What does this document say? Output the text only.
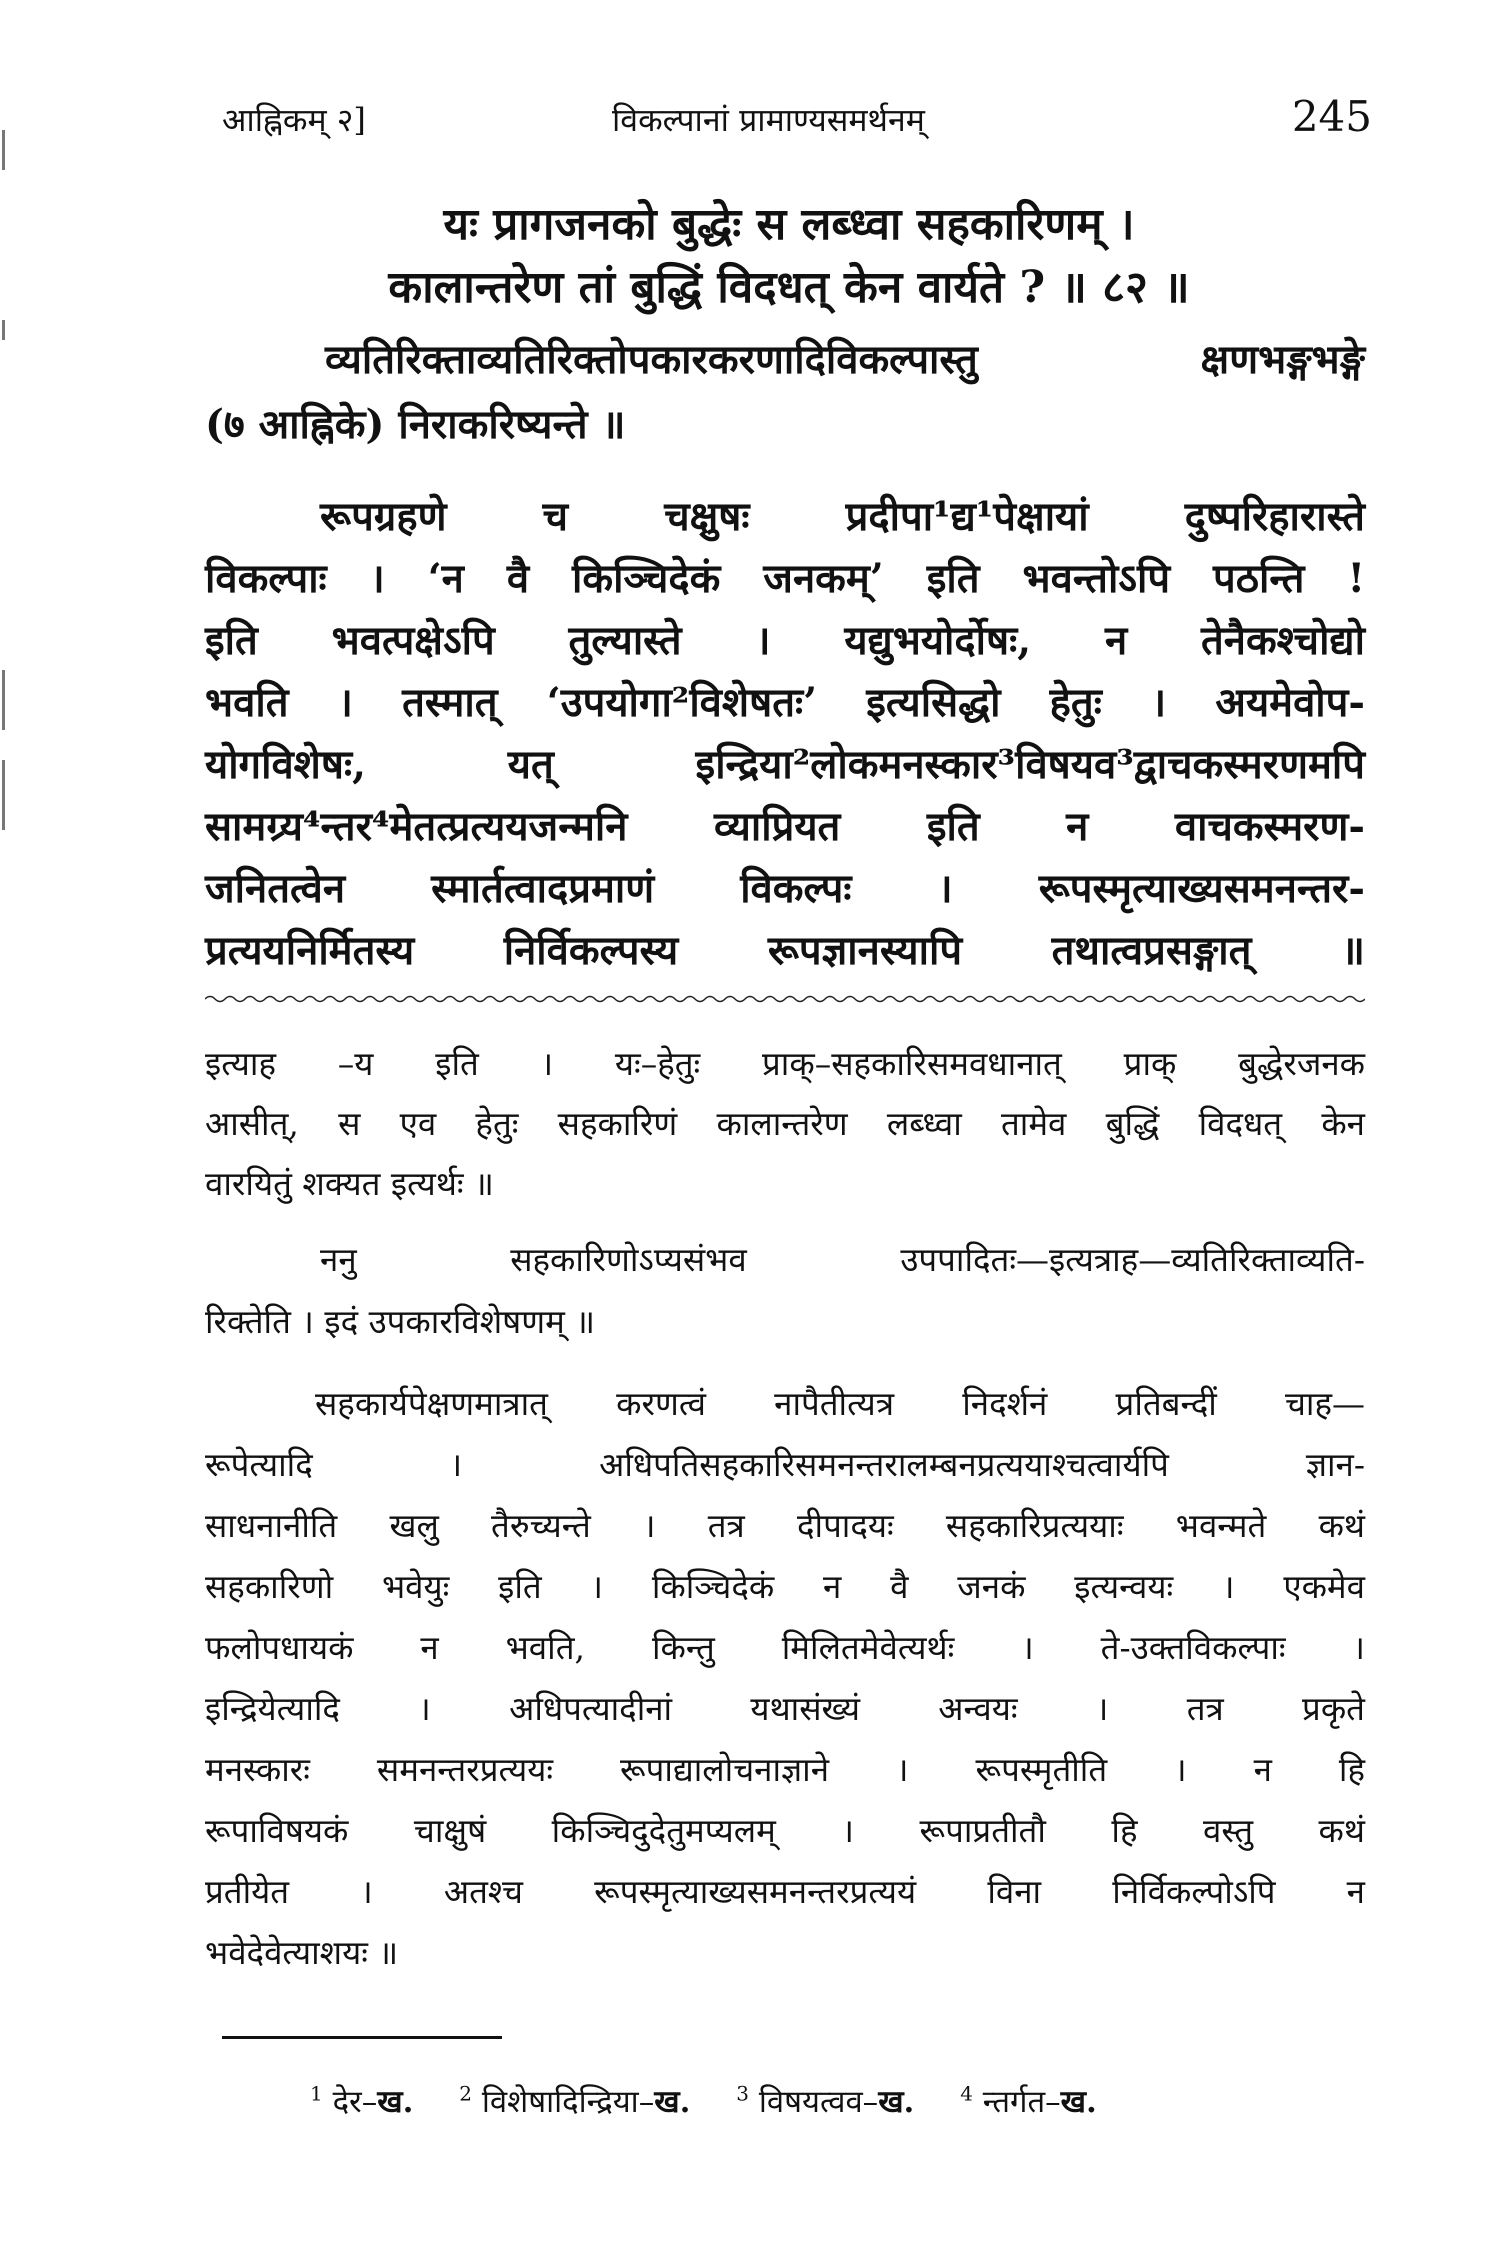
आह्निकम् २]	विकल्पानां प्रामाण्यसमर्थनम्	245
यः प्रागजनको बुद्धेः स लब्ध्वा सहकारिणम् ।
कालान्तरेण तां बुद्धिं विदधत् केन वार्यते ? ॥ ८२ ॥
व्यतिरिक्ताव्यतिरिक्तोपकारकरणादिविकल्पास्तु क्षणभङ्गभङ्गे
(७ आह्निके) निराकरिष्यन्ते ॥
रूपग्रहणे च चक्षुषः प्रदीपा¹द्य¹पेक्षायां दुष्परिहारास्ते
विकल्पाः । ‘न वै किञ्चिदेकं जनकम्’ इति भवन्तोऽपि पठन्ति !
इति भवत्पक्षेऽपि तुल्यास्ते । यद्युभयोर्दोषः, न तेनैकश्चोद्यो
भवति । तस्मात् ‘उपयोगा²विशेषतः’ इत्यसिद्धो हेतुः । अयमेवोप-
योगविशेषः, यत् इन्द्रिया²लोकमनस्कार³विषयव³द्वाचकस्मरणमपि
सामग्र्य⁴न्तर⁴मेतत्प्रत्ययजन्मनि व्याप्रियत इति न वाचकस्मरण-
जनितत्वेन स्मार्तत्वादप्रमाणं विकल्पः । रूपस्मृत्याख्यसमनन्तर-
प्रत्ययनिर्मितस्य निर्विकल्पस्य रूपज्ञानस्यापि तथात्वप्रसङ्गात् ॥
इत्याह –य इति । यः–हेतुः प्राक्–सहकारिसमवधानात् प्राक् बुद्धेरजनक
आसीत्, स एव हेतुः सहकारिणं कालान्तरेण लब्ध्वा तामेव बुद्धिं विदधत् केन
वारयितुं शक्यत इत्यर्थः ॥
ननु सहकारिणोऽप्यसंभव उपपादितः—इत्यत्राह—व्यतिरिक्ताव्यति-
रिक्तेति । इदं उपकारविशेषणम् ॥
सहकार्यपेक्षणमात्रात् करणत्वं नापैतीत्यत्र निदर्शनं प्रतिबन्दीं चाह—
रूपेत्यादि । अधिपतिसहकारिसमनन्तरालम्बनप्रत्ययाश्चत्वार्यपि ज्ञान-
साधनानीति खलु तैरुच्यन्ते । तत्र दीपादयः सहकारिप्रत्ययाः भवन्मते कथं
सहकारिणो भवेयुः इति । किञ्चिदेकं न वै जनकं इत्यन्वयः । एकमेव
फलोपधायकं न भवति, किन्तु मिलितमेवेत्यर्थः । ते-उक्तविकल्पाः ।
इन्द्रियेत्यादि । अधिपत्यादीनां यथासंख्यं अन्वयः । तत्र प्रकृते
मनस्कारः समनन्तरप्रत्ययः रूपाद्यालोचनाज्ञाने । रूपस्मृतीति । न हि
रूपाविषयकं चाक्षुषं किञ्चिदुदेतुमप्यलम् । रूपाप्रतीतौ हि वस्तु कथं
प्रतीयेत । अतश्च रूपस्मृत्याख्यसमनन्तरप्रत्ययं विना निर्विकल्पोऽपि न
भवेदेवेत्याशयः ॥
$^1$ देर–ख. $^2$ विशेषादिन्द्रिया–ख. $^3$ विषयत्वव–ख. $^4$ न्तर्गत–ख.
